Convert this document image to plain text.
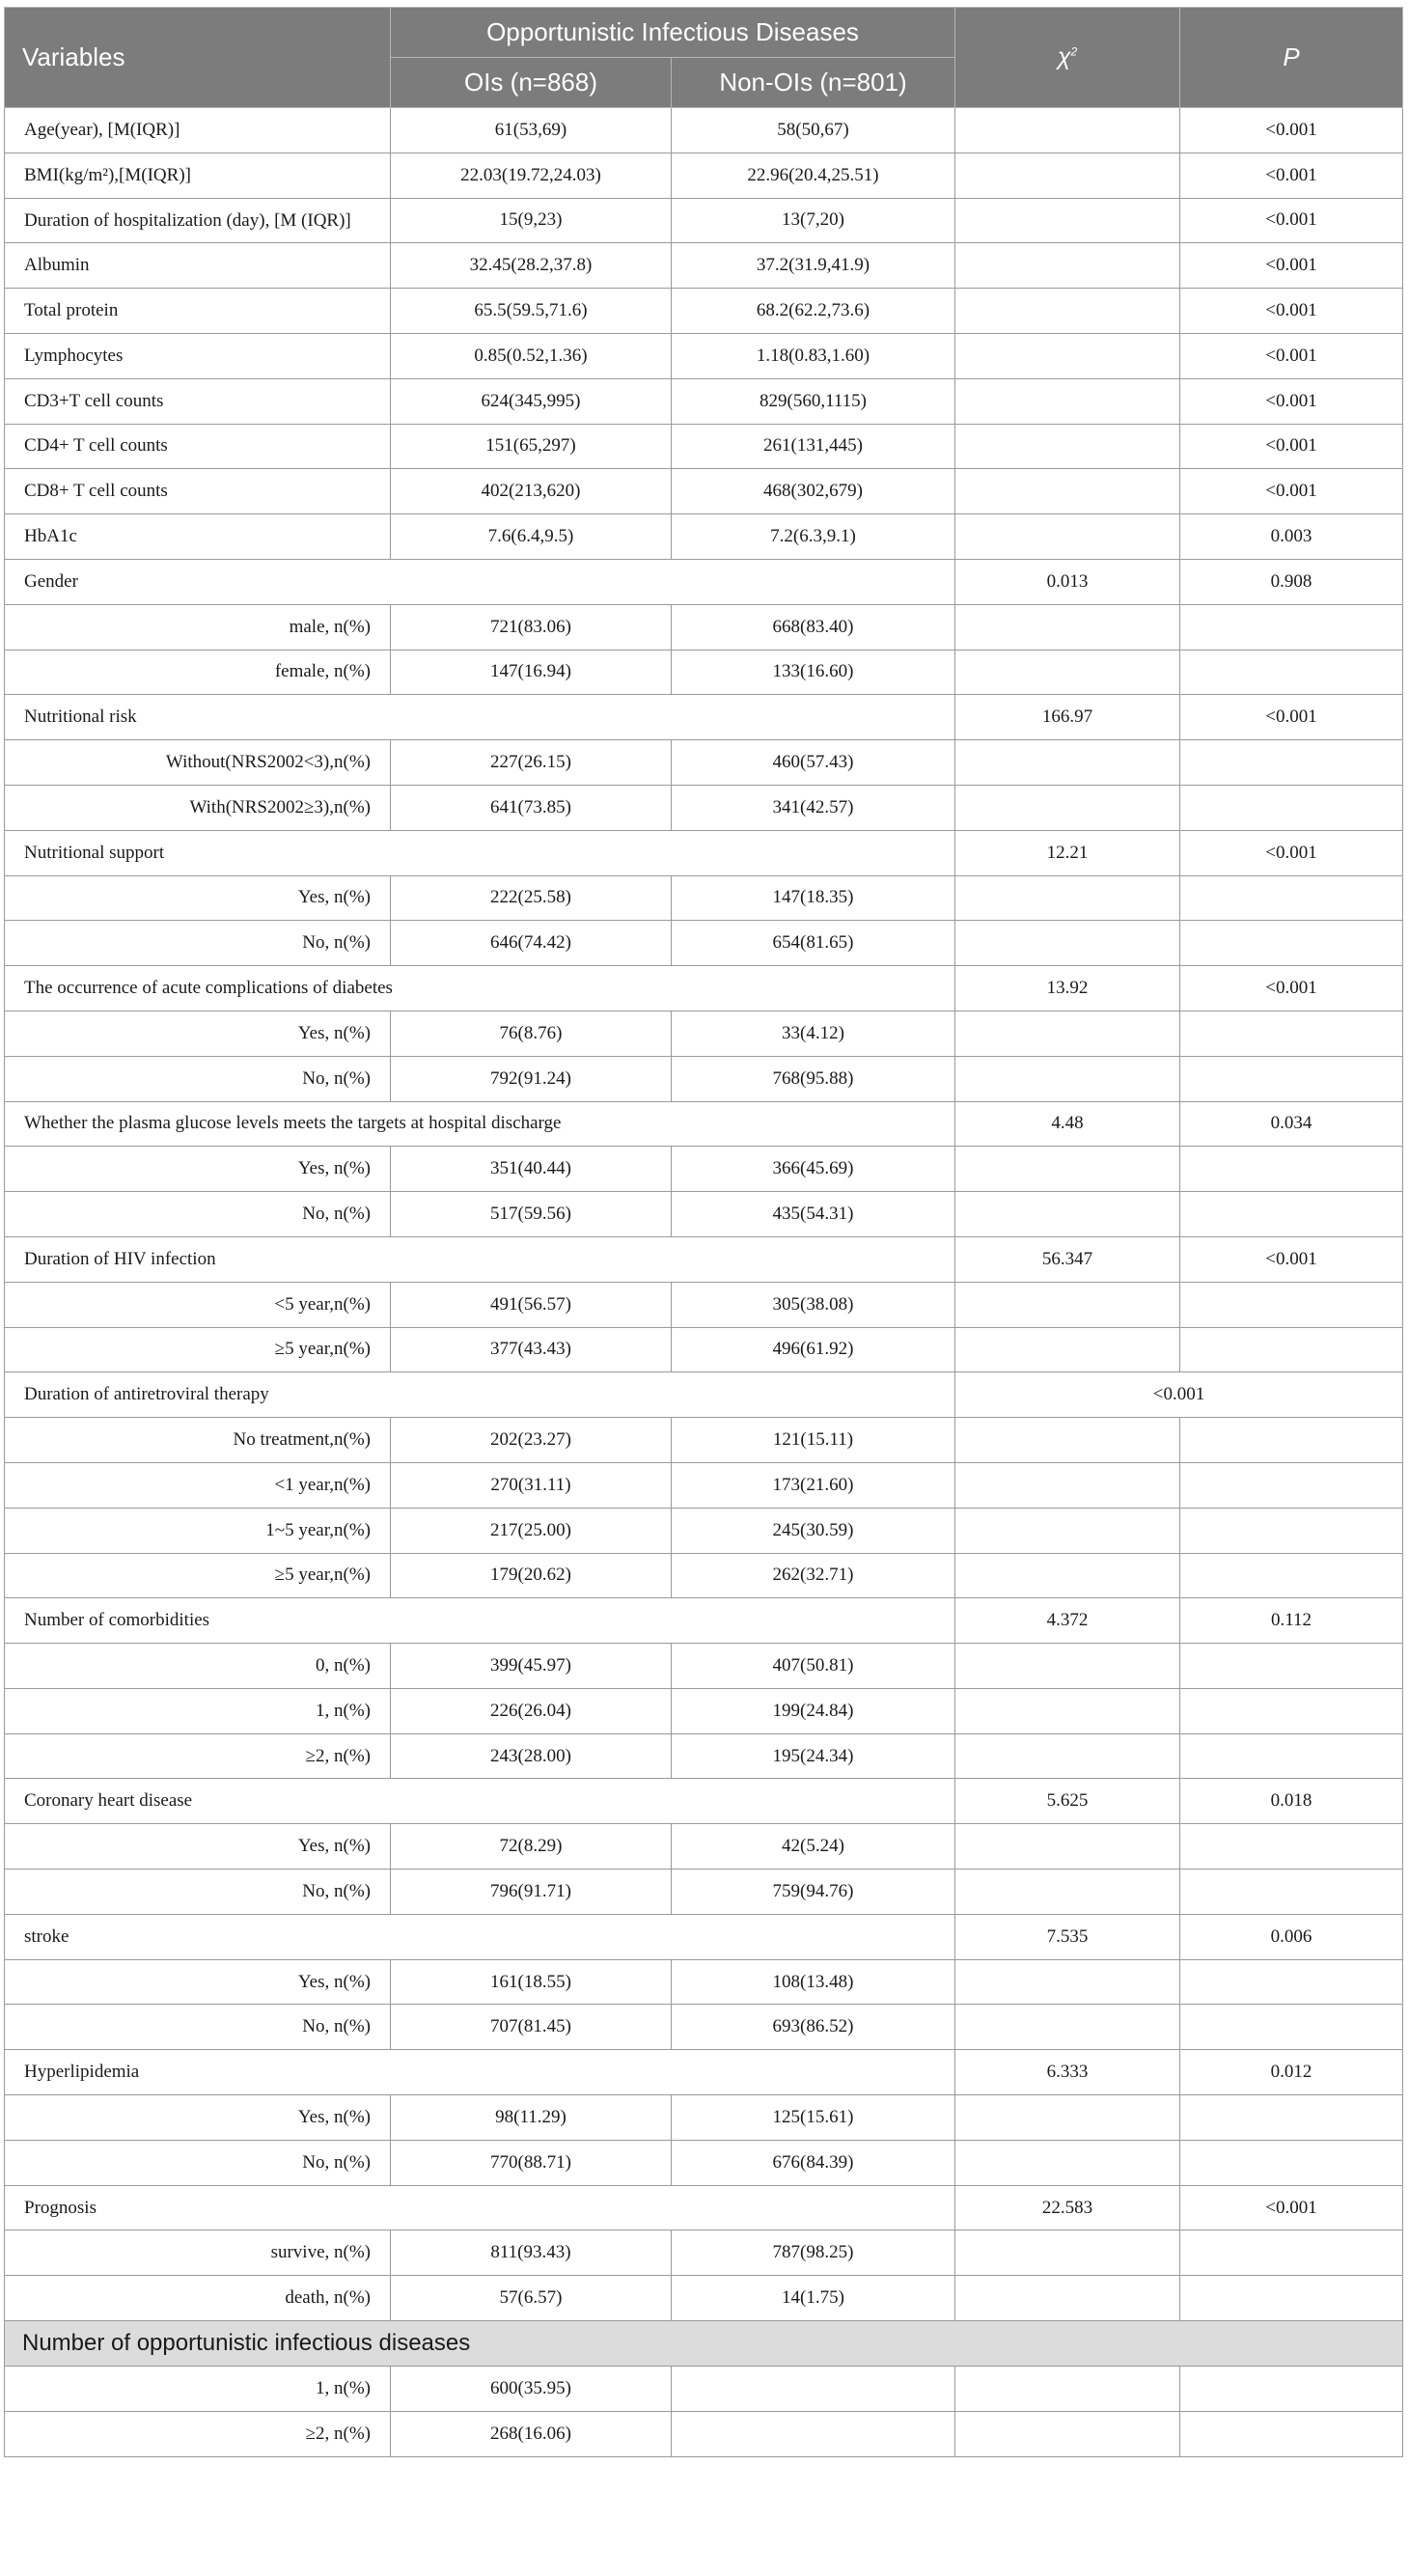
Variables	Opportunistic Infectious Diseases		$\chi^2$	P
	OIs (n=868)	Non-OIs (n=801)		
Age(year), [M(IQR)]	61(53,69)	58(50,67)		<0.001
BMI(kg/m²),[M(IQR)]	22.03(19.72,24.03)	22.96(20.4,25.51)		<0.001
Duration of hospitalization (day), [M (IQR)]	15(9,23)	13(7,20)		<0.001
Albumin	32.45(28.2,37.8)	37.2(31.9,41.9)		<0.001
Total protein	65.5(59.5,71.6)	68.2(62.2,73.6)		<0.001
Lymphocytes	0.85(0.52,1.36)	1.18(0.83,1.60)		<0.001
CD3+T cell counts	624(345,995)	829(560,1115)		<0.001
CD4+ T cell counts	151(65,297)	261(131,445)		<0.001
CD8+ T cell counts	402(213,620)	468(302,679)		<0.001
HbA1c	7.6(6.4,9.5)	7.2(6.3,9.1)		0.003
Gender			0.013	0.908
male, n(%)	721(83.06)	668(83.40)		
female, n(%)	147(16.94)	133(16.60)		
Nutritional risk			166.97	<0.001
Without(NRS2002<3),n(%)	227(26.15)	460(57.43)		
With(NRS2002≥3),n(%)	641(73.85)	341(42.57)		
Nutritional support			12.21	<0.001
Yes, n(%)	222(25.58)	147(18.35)		
No, n(%)	646(74.42)	654(81.65)		
The occurrence of acute complications of diabetes			13.92	<0.001
Yes, n(%)	76(8.76)	33(4.12)		
No, n(%)	792(91.24)	768(95.88)		
Whether the plasma glucose levels meets the targets at hospital discharge			4.48	0.034
Yes, n(%)	351(40.44)	366(45.69)		
No, n(%)	517(59.56)	435(54.31)		
Duration of HIV infection			56.347	<0.001
<5 year,n(%)	491(56.57)	305(38.08)		
≥5 year,n(%)	377(43.43)	496(61.92)		
Duration of antiretroviral therapy			<0.001	
No treatment,n(%)	202(23.27)	121(15.11)		
<1 year,n(%)	270(31.11)	173(21.60)		
1~5 year,n(%)	217(25.00)	245(30.59)		
≥5 year,n(%)	179(20.62)	262(32.71)		
Number of comorbidities			4.372	0.112
0, n(%)	399(45.97)	407(50.81)		
1, n(%)	226(26.04)	199(24.84)		
≥2, n(%)	243(28.00)	195(24.34)		
Coronary heart disease			5.625	0.018
Yes, n(%)	72(8.29)	42(5.24)		
No, n(%)	796(91.71)	759(94.76)		
stroke			7.535	0.006
Yes, n(%)	161(18.55)	108(13.48)		
No, n(%)	707(81.45)	693(86.52)		
Hyperlipidemia			6.333	0.012
Yes, n(%)	98(11.29)	125(15.61)		
No, n(%)	770(88.71)	676(84.39)		
Prognosis			22.583	<0.001
survive, n(%)	811(93.43)	787(98.25)		
death, n(%)	57(6.57)	14(1.75)		
Number of opportunistic infectious diseases				
1, n(%)	600(35.95)			
≥2, n(%)	268(16.06)			
